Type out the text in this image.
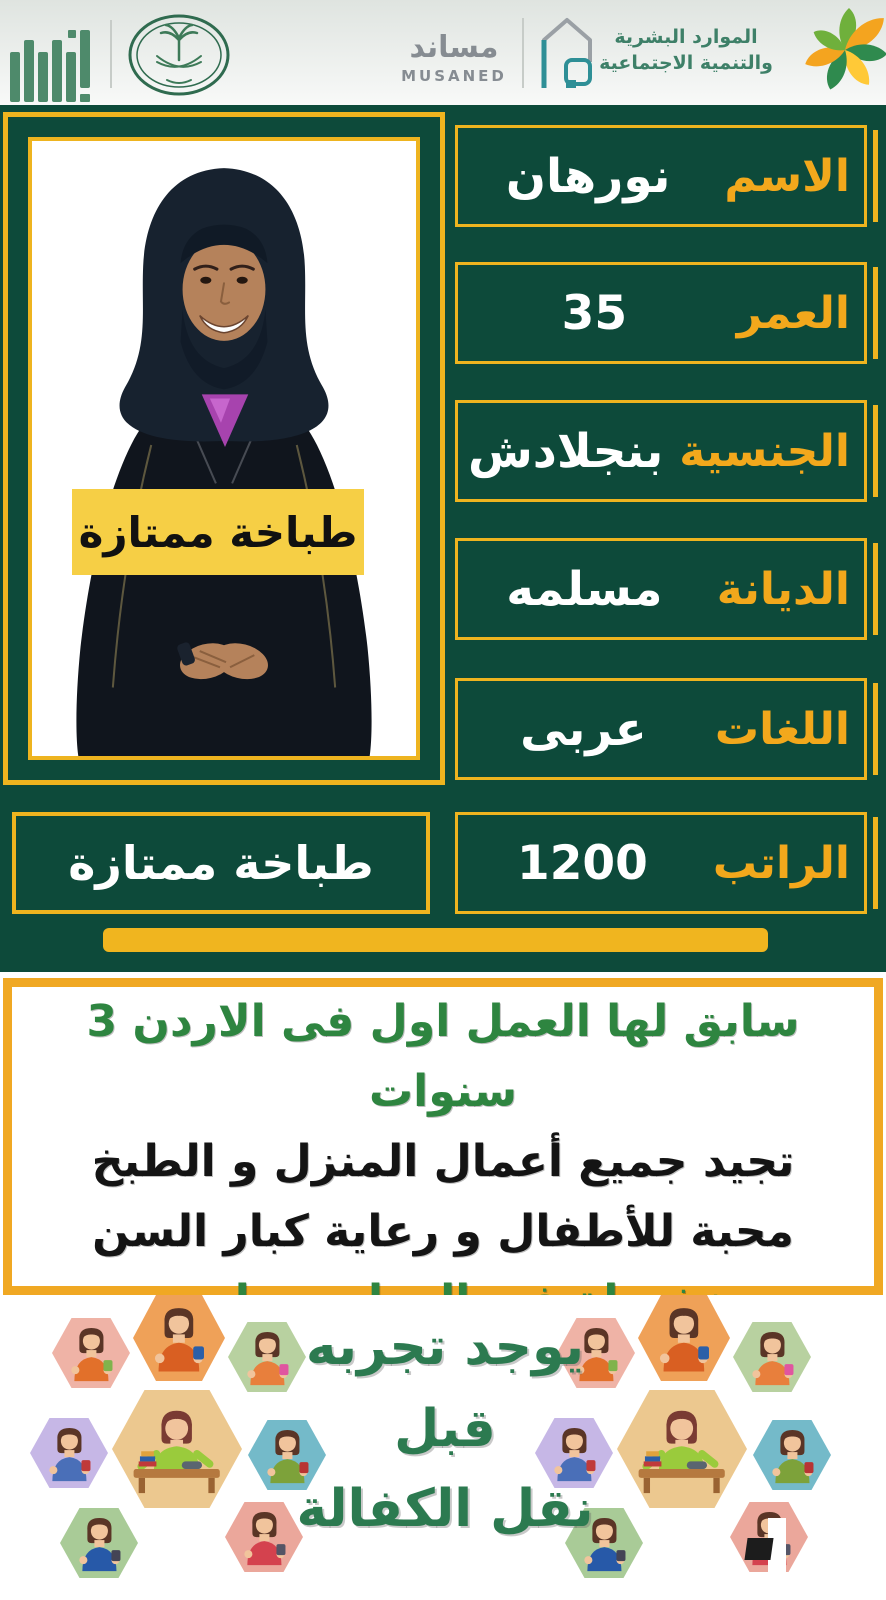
مساند
MUSANED
الموارد البشرية
والتنمية الاجتماعية
طباخة ممتازة
الاسم
نورهان
العمر
35
الجنسية
بنجلادش
الديانة
مسلمه
اللغات
عربى
الراتب
1200
طباخة ممتازة
سابق لها العمل اول فى الاردن 3 سنوات
تجيد جميع أعمال المنزل و الطبخ
محبة للأطفال و رعاية كبار السن
يوجد تجربه
قبل
نقل الكفالة
